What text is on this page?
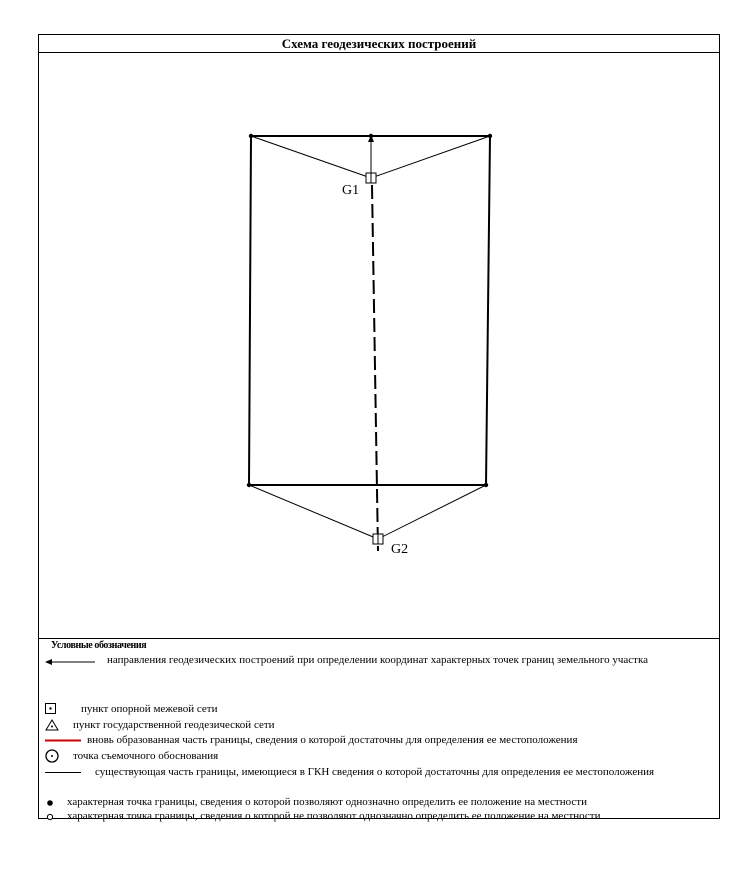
Схема геодезических построений
G1
G2
Условные обозначения
направления геодезических построений при определении координат характерных точек границ земельного участка
пункт опорной межевой сети
пункт государственной геодезической сети
вновь образованная часть границы, сведения о которой достаточны для определения ее местоположения
точка съемочного обоснования
существующая часть границы, имеющиеся в ГКН сведения о которой достаточны для определения ее местоположения
характерная точка границы, сведения о которой позволяют однозначно определить ее положение на местности
характерная точка границы, сведения о которой не позволяют однозначно определить ее положение на местности
